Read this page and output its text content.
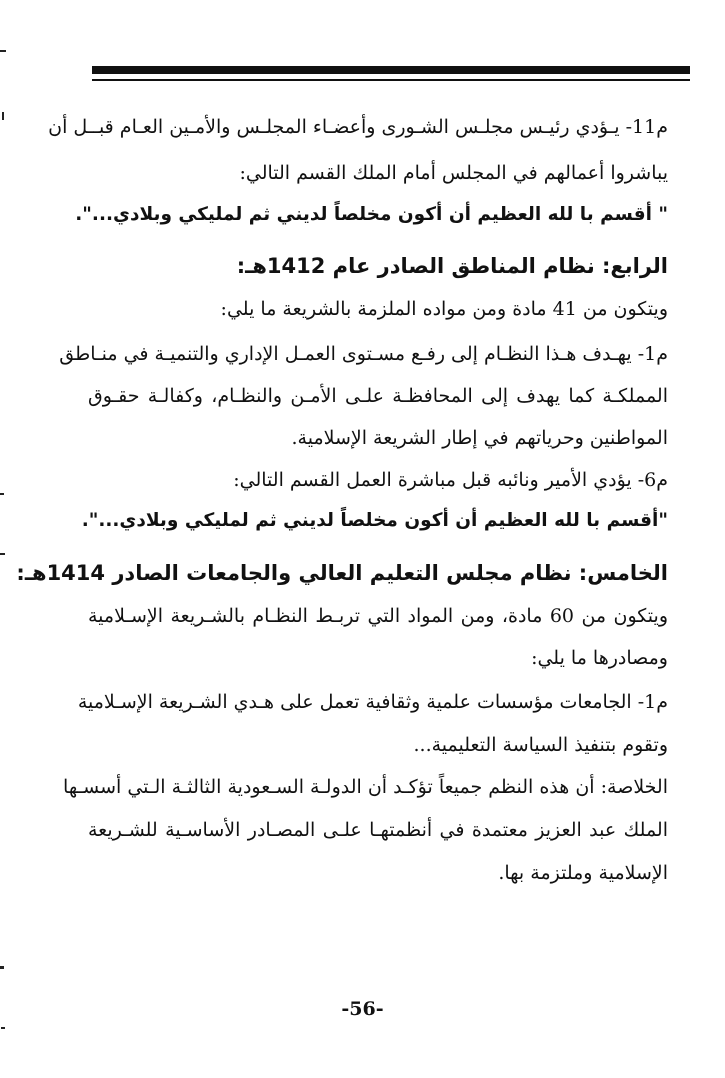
م11- يـؤدي رئيـس مجلـس الشـورى وأعضـاء المجلـس والأمـين العـام قبــل أن
يباشروا أعمالهم في المجلس أمام الملك القسم التالي:
" أقسم با لله العظيم أن أكون مخلصاً لديني ثم لمليكي وبلادي...".
الرابع: نظام المناطق الصادر عام 1412هـ:
ويتكون من 41 مادة ومن مواده الملزمة بالشريعة ما يلي:
م1- يهـدف هـذا النظـام إلى رفـع مسـتوى العمـل الإداري والتنميـة في منـاطق
المملكـة كما يهدف إلى المحافظـة علـى الأمـن والنظـام، وكفالـة حقـوق
المواطنين وحرياتهم في إطار الشريعة الإسلامية.
م6- يؤدي الأمير ونائبه قبل مباشرة العمل القسم التالي:
"أقسم با لله العظيم أن أكون مخلصاً لديني ثم لمليكي وبلادي...".
الخامس: نظام مجلس التعليم العالي والجامعات الصادر 1414هـ:
ويتكون من 60 مادة، ومن المواد التي تربـط النظـام بالشـريعة الإسـلامية
ومصادرها ما يلي:
م1- الجامعات مؤسسات علمية وثقافية تعمل على هـدي الشـريعة الإسـلامية
وتقوم بتنفيذ السياسة التعليمية...
الخلاصة: أن هذه النظم جميعاً تؤكـد أن الدولـة السـعودية الثالثـة الـتي أسسـها
الملك عبد العزيز معتمدة في أنظمتهـا علـى المصـادر الأساسـية للشـريعة
الإسلامية وملتزمة بها.
-56-
